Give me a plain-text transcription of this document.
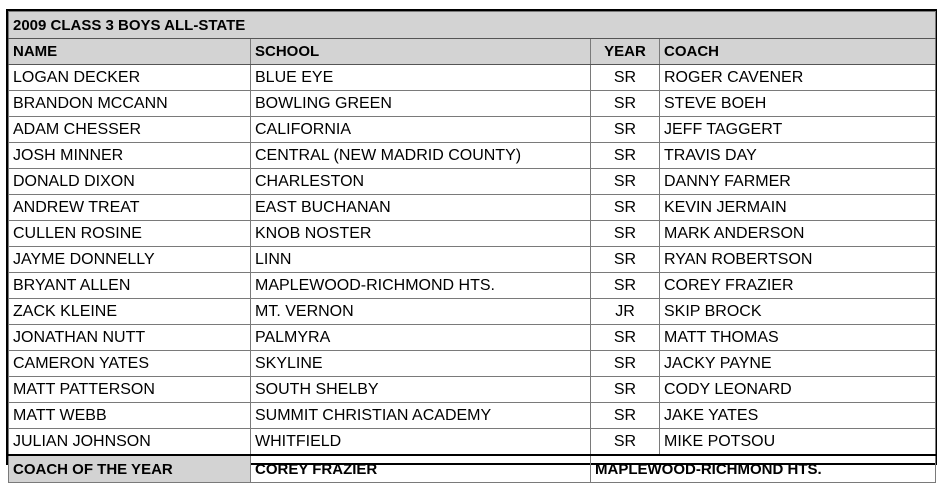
2009 CLASS 3 BOYS ALL-STATE			
NAME	SCHOOL	YEAR	COACH
LOGAN DECKER	BLUE EYE	SR	ROGER CAVENER
BRANDON MCCANN	BOWLING GREEN	SR	STEVE BOEH
ADAM CHESSER	CALIFORNIA	SR	JEFF TAGGERT
JOSH MINNER	CENTRAL (NEW MADRID COUNTY)	SR	TRAVIS DAY
DONALD DIXON	CHARLESTON	SR	DANNY FARMER
ANDREW TREAT	EAST BUCHANAN	SR	KEVIN JERMAIN
CULLEN ROSINE	KNOB NOSTER	SR	MARK ANDERSON
JAYME DONNELLY	LINN	SR	RYAN ROBERTSON
BRYANT ALLEN	MAPLEWOOD-RICHMOND HTS.	SR	COREY FRAZIER
ZACK KLEINE	MT. VERNON	JR	SKIP BROCK
JONATHAN NUTT	PALMYRA	SR	MATT THOMAS
CAMERON YATES	SKYLINE	SR	JACKY PAYNE
MATT PATTERSON	SOUTH SHELBY	SR	CODY LEONARD
MATT WEBB	SUMMIT CHRISTIAN ACADEMY	SR	JAKE YATES
JULIAN JOHNSON	WHITFIELD	SR	MIKE POTSOU
COACH OF THE YEAR	COREY FRAZIER	MAPLEWOOD-RICHMOND HTS.	
